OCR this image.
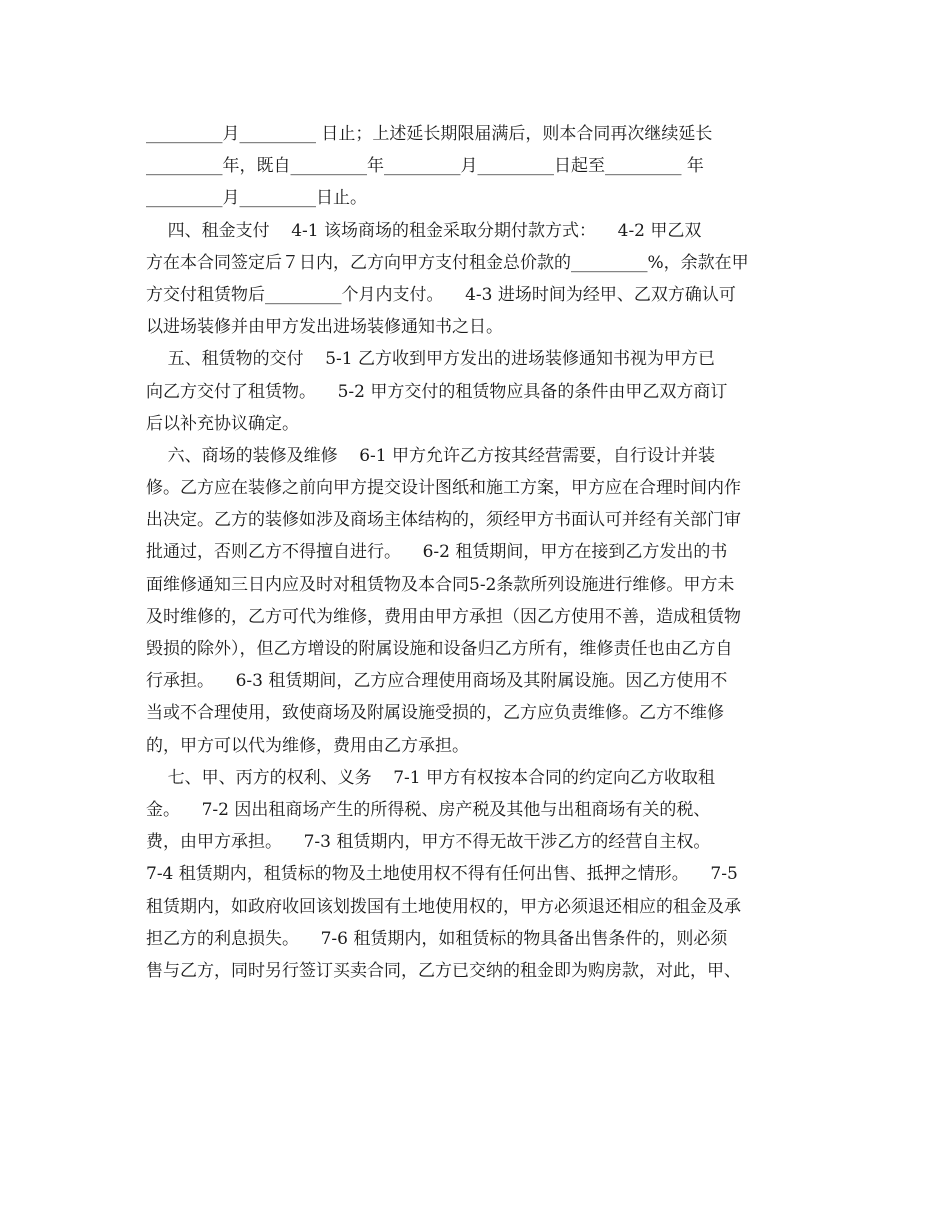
_________月_________ 日止；上述延长期限届满后，则本合同再次继续延长
_________年，既自_________年_________月_________日起至_________ 年
_________月_________日止。
四、租金支付    4-1 该场商场的租金采取分期付款方式：    4-2 甲乙双
方在本合同签定后７日内，乙方向甲方支付租金总价款的_________%，余款在甲
方交付租赁物后_________个月内支付。    4-3 进场时间为经甲、乙双方确认可
以进场装修并由甲方发出进场装修通知书之日。
五、租赁物的交付    5-1 乙方收到甲方发出的进场装修通知书视为甲方已
向乙方交付了租赁物。    5-2 甲方交付的租赁物应具备的条件由甲乙双方商订
后以补充协议确定。
六、商场的装修及维修    6-1 甲方允许乙方按其经营需要，自行设计并装
修。乙方应在装修之前向甲方提交设计图纸和施工方案，甲方应在合理时间内作
出决定。乙方的装修如涉及商场主体结构的，须经甲方书面认可并经有关部门审
批通过，否则乙方不得擅自进行。    6-2 租赁期间，甲方在接到乙方发出的书
面维修通知三日内应及时对租赁物及本合同5-2条款所列设施进行维修。甲方未
及时维修的，乙方可代为维修，费用由甲方承担（因乙方使用不善，造成租赁物
毁损的除外），但乙方增设的附属设施和设备归乙方所有，维修责任也由乙方自
行承担。    6-3 租赁期间，乙方应合理使用商场及其附属设施。因乙方使用不
当或不合理使用，致使商场及附属设施受损的，乙方应负责维修。乙方不维修
的，甲方可以代为维修，费用由乙方承担。
七、甲、丙方的权利、义务    7-1 甲方有权按本合同的约定向乙方收取租
金。    7-2 因出租商场产生的所得税、房产税及其他与出租商场有关的税、
费，由甲方承担。    7-3 租赁期内，甲方不得无故干涉乙方的经营自主权。
7-4 租赁期内，租赁标的物及土地使用权不得有任何出售、抵押之情形。    7-5
租赁期内，如政府收回该划拨国有土地使用权的，甲方必须退还相应的租金及承
担乙方的利息损失。    7-6 租赁期内，如租赁标的物具备出售条件的，则必须
售与乙方，同时另行签订买卖合同，乙方已交纳的租金即为购房款，对此，甲、
